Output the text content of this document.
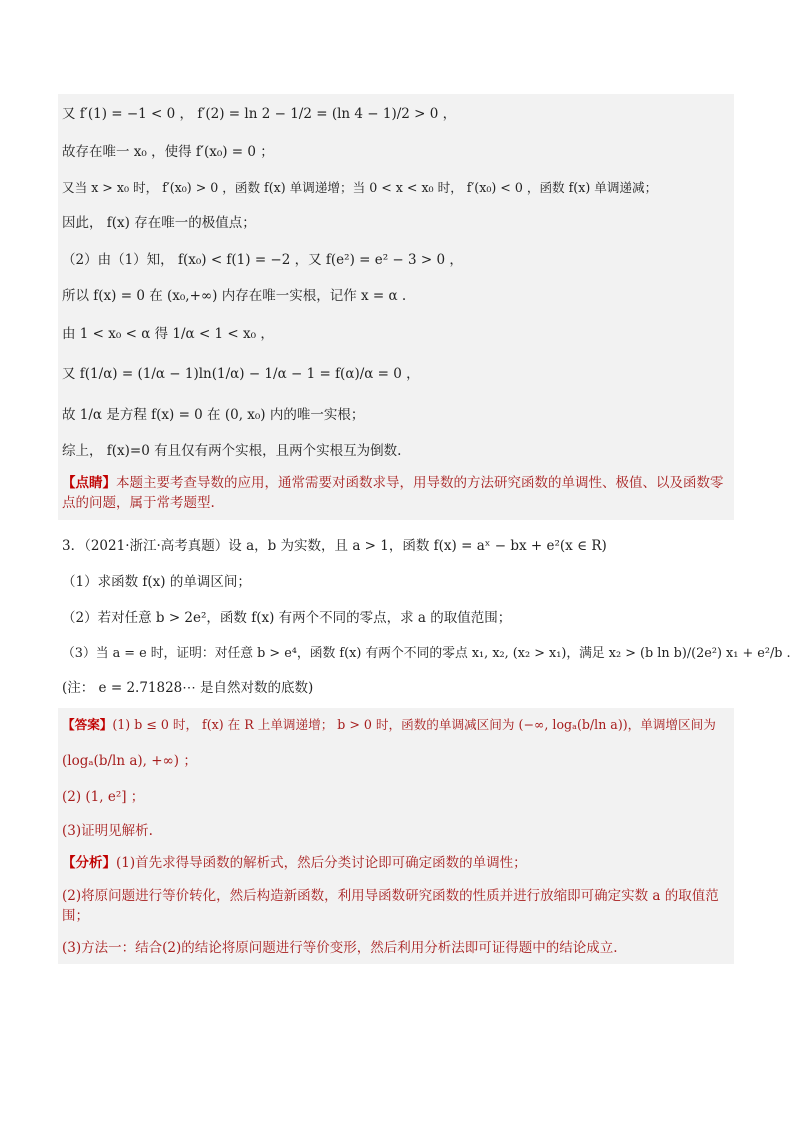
又 f′(1) = −1 < 0 ， f′(2) = ln 2 − 1/2 = (ln 4 − 1)/2 > 0 ，
故存在唯一 x₀ ，使得 f′(x₀) = 0 ；
又当 x > x₀ 时， f′(x₀) > 0 ，函数 f(x) 单调递增；当 0 < x < x₀ 时， f′(x₀) < 0 ，函数 f(x) 单调递减；
因此， f(x) 存在唯一的极值点；
（2）由（1）知， f(x₀) < f(1) = −2 ，又 f(e²) = e² − 3 > 0 ，
所以 f(x) = 0 在 (x₀,+∞) 内存在唯一实根，记作 x = α .
由 1 < x₀ < α 得 1/α < 1 < x₀ ，
又 f(1/α) = (1/α − 1)ln(1/α) − 1/α − 1 = f(α)/α = 0 ，
故 1/α 是方程 f(x) = 0 在 (0, x₀) 内的唯一实根；
综上， f(x)=0 有且仅有两个实根，且两个实根互为倒数.
【点睛】本题主要考查导数的应用，通常需要对函数求导，用导数的方法研究函数的单调性、极值、以及函数零点的问题，属于常考题型.
3．（2021·浙江·高考真题）设 a，b 为实数，且 a > 1，函数 f(x) = aˣ − bx + e²(x ∈ R)
（1）求函数 f(x) 的单调区间；
（2）若对任意 b > 2e²，函数 f(x) 有两个不同的零点，求 a 的取值范围；
（3）当 a = e 时，证明：对任意 b > e⁴，函数 f(x) 有两个不同的零点 x₁, x₂, (x₂ > x₁)，满足 x₂ > (b ln b)/(2e²) x₁ + e²/b .
(注： e = 2.71828⋯ 是自然对数的底数)
【答案】(1) b ≤ 0 时， f(x) 在 R 上单调递增； b > 0 时，函数的单调减区间为 (−∞, logₐ(b/ln a))，单调增区间为
(logₐ(b/ln a), +∞) ；
(2) (1, e²] ；
(3)证明见解析.
【分析】(1)首先求得导函数的解析式，然后分类讨论即可确定函数的单调性；
(2)将原问题进行等价转化，然后构造新函数，利用导函数研究函数的性质并进行放缩即可确定实数 a 的取值范围；
(3)方法一：结合(2)的结论将原问题进行等价变形，然后利用分析法即可证得题中的结论成立.
